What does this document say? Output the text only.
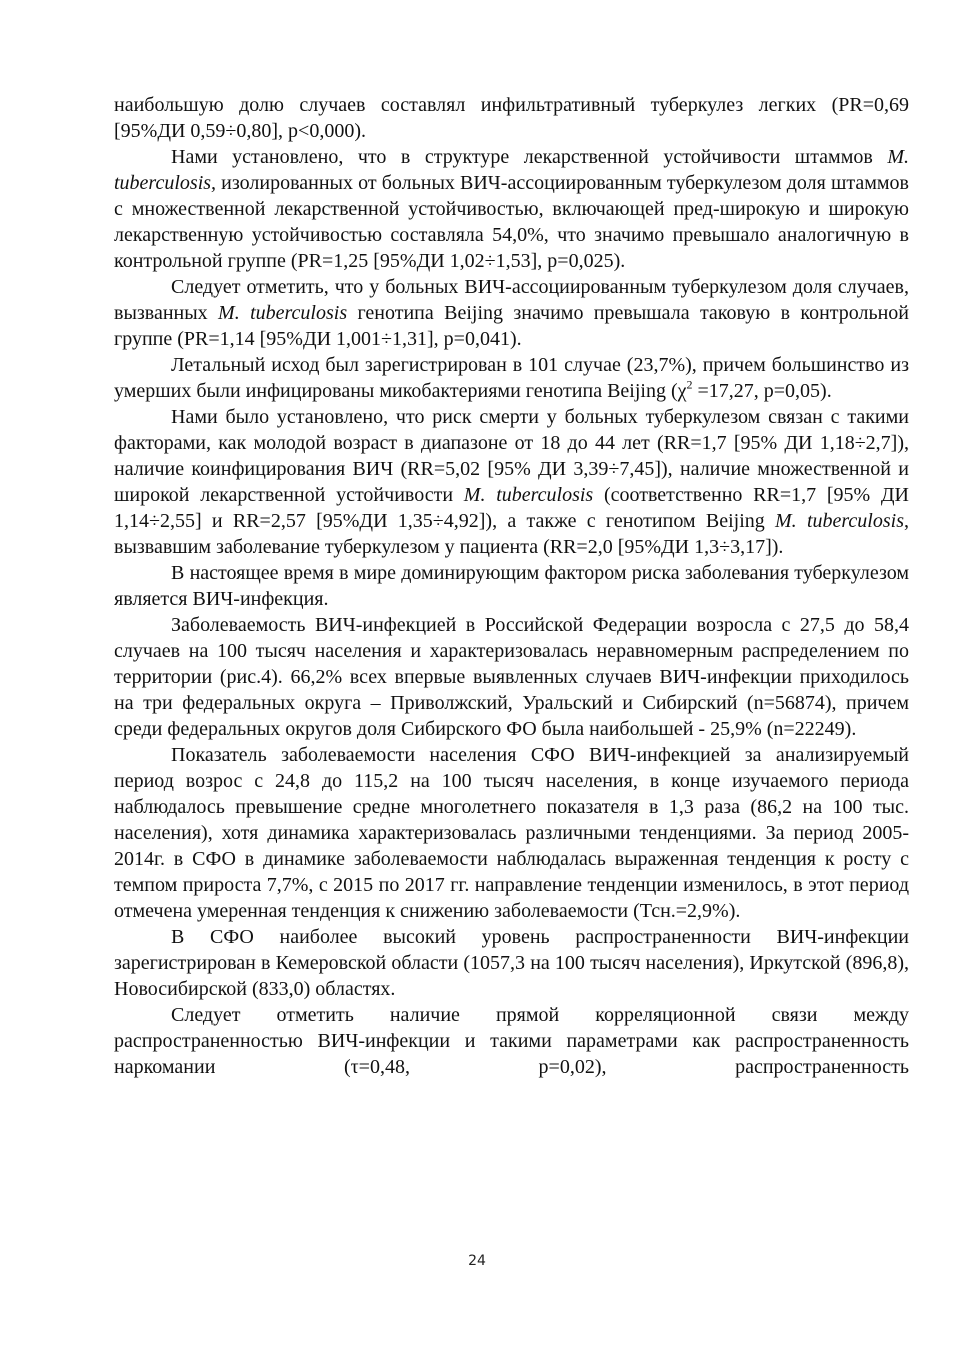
наибольшую долю случаев составлял инфильтративный туберкулез легких (PR=0,69 [95%ДИ 0,59÷0,80], p<0,000).

Нами установлено, что в структуре лекарственной устойчивости штаммов M. tuberculosis, изолированных от больных ВИЧ-ассоциированным туберкулезом доля штаммов с множественной лекарственной устойчивостью, включающей пред-широкую и широкую лекарственную устойчивостью составляла 54,0%, что значимо превышало аналогичную в контрольной группе (PR=1,25 [95%ДИ 1,02÷1,53], p=0,025).

Следует отметить, что у больных ВИЧ-ассоциированным туберкулезом доля случаев, вызванных M. tuberculosis генотипа Beijing значимо превышала таковую в контрольной группе (PR=1,14 [95%ДИ 1,001÷1,31], p=0,041).

Летальный исход был зарегистрирован в 101 случае (23,7%), причем большинство из умерших были инфицированы микобактериями генотипа Beijing ($\chi^2 =17,27$, p=0,05).

Нами было установлено, что риск смерти у больных туберкулезом связан с такими факторами, как молодой возраст в диапазоне от 18 до 44 лет (RR=1,7 [95% ДИ 1,18÷2,7]), наличие коинфицирования ВИЧ (RR=5,02 [95% ДИ 3,39÷7,45]), наличие множественной и широкой лекарственной устойчивости M. tuberculosis (соответственно RR=1,7 [95% ДИ 1,14÷2,55] и RR=2,57 [95%ДИ 1,35÷4,92]), а также с генотипом Beijing M. tuberculosis, вызвавшим заболевание туберкулезом у пациента (RR=2,0 [95%ДИ 1,3÷3,17]).

В настоящее время в мире доминирующим фактором риска заболевания туберкулезом является ВИЧ-инфекция.

Заболеваемость ВИЧ-инфекцией в Российской Федерации возросла с 27,5 до 58,4 случаев на 100 тысяч населения и характеризовалась неравномерным распределением по территории (рис.4). 66,2% всех впервые выявленных случаев ВИЧ-инфекции приходилось на три федеральных округа – Приволжский, Уральский и Сибирский (n=56874), причем среди федеральных округов доля Сибирского ФО была наибольшей - 25,9% (n=22249).

Показатель заболеваемости населения СФО ВИЧ-инфекцией за анализируемый период возрос с 24,8 до 115,2 на 100 тысяч населения, в конце изучаемого периода наблюдалось превышение средне многолетнего показателя в 1,3 раза (86,2 на 100 тыс. населения), хотя динамика характеризовалась различными тенденциями. За период 2005-2014г. в СФО в динамике заболеваемости наблюдалась выраженная тенденция к росту с темпом прироста 7,7%, с 2015 по 2017 гг. направление тенденции изменилось, в этот период отмечена умеренная тенденция к снижению заболеваемости (Тсн.=2,9%).

В СФО наиболее высокий уровень распространенности ВИЧ-инфекции зарегистрирован в Кемеровской области (1057,3 на 100 тысяч населения), Иркутской (896,8), Новосибирской (833,0) областях.

Следует отметить наличие прямой корреляционной связи между распространенностью ВИЧ-инфекции и такими параметрами как распространенность наркомании (τ=0,48, p=0,02), распространенность

24
